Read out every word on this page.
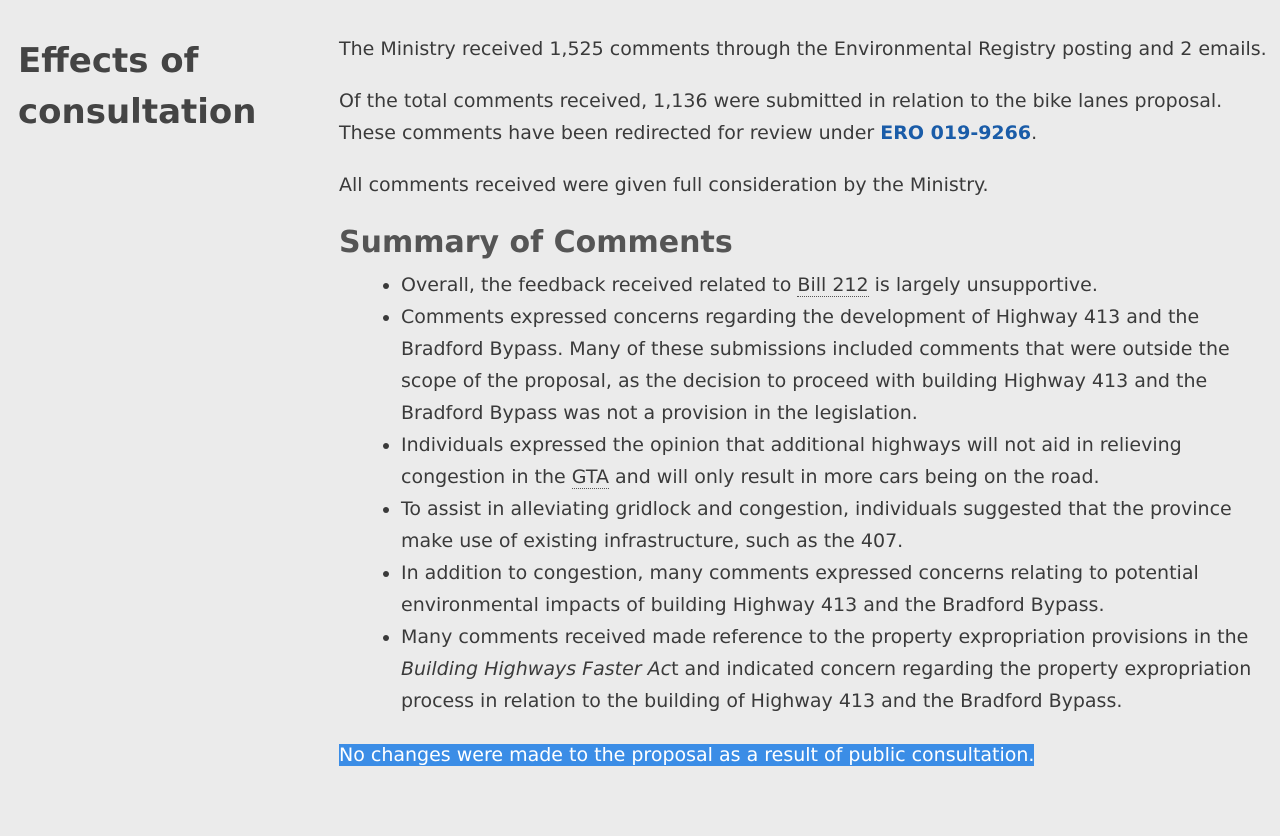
Effects of consultation

The Ministry received 1,525 comments through the Environmental Registry posting and 2 emails.

Of the total comments received, 1,136 were submitted in relation to the bike lanes proposal. These comments have been redirected for review under ERO 019-9266.

All comments received were given full consideration by the Ministry.

Summary of Comments
• Overall, the feedback received related to Bill 212 is largely unsupportive.
• Comments expressed concerns regarding the development of Highway 413 and the Bradford Bypass. Many of these submissions included comments that were outside the scope of the proposal, as the decision to proceed with building Highway 413 and the Bradford Bypass was not a provision in the legislation.
• Individuals expressed the opinion that additional highways will not aid in relieving congestion in the GTA and will only result in more cars being on the road.
• To assist in alleviating gridlock and congestion, individuals suggested that the province make use of existing infrastructure, such as the 407.
• In addition to congestion, many comments expressed concerns relating to potential environmental impacts of building Highway 413 and the Bradford Bypass.
• Many comments received made reference to the property expropriation provisions in the Building Highways Faster Act and indicated concern regarding the property expropriation process in relation to the building of Highway 413 and the Bradford Bypass.

No changes were made to the proposal as a result of public consultation.
